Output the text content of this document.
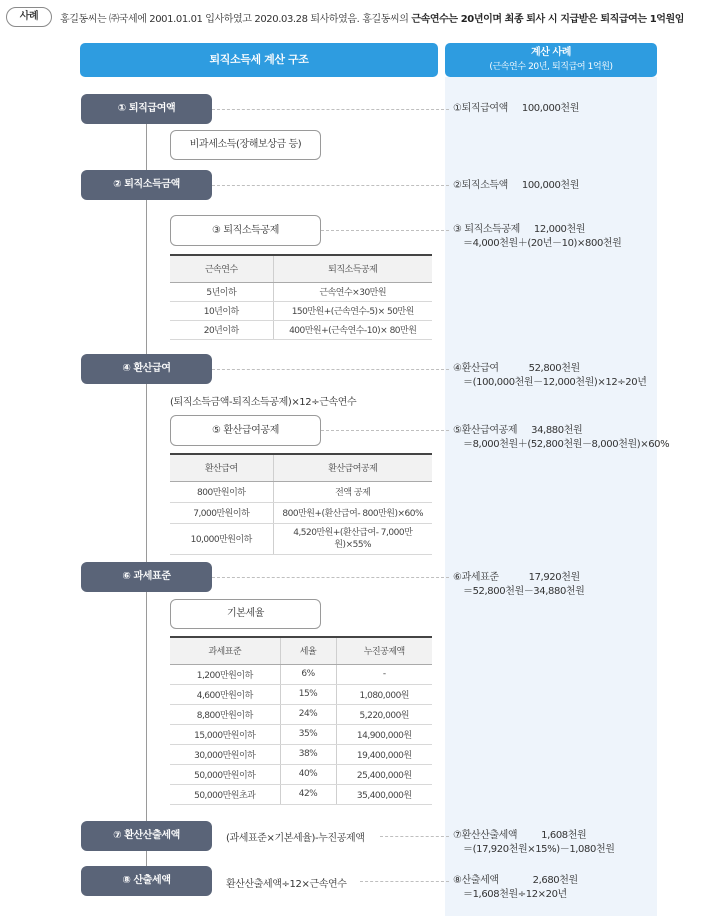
사례	홍길동씨는 ㈜국세에 2001.01.01 입사하였고 2020.03.28 퇴사하였음. 홍길동씨의 근속연수는 20년이며 최종 퇴사 시 지급받은 퇴직급여는 1억원임
퇴직소득세 계산 구조
계산 사례
(근속연수 20년, 퇴직급여 1억원)
① 퇴직급여액
비과세소득(장해보상금 등)
② 퇴직소득금액
③ 퇴직소득공제
근속연수	퇴직소득공제
5년이하	근속연수×30만원
10년이하	150만원+(근속연수-5)× 50만원
20년이하	400만원+(근속연수-10)× 80만원
④ 환산급여
(퇴직소득금액-퇴직소득공제)×12÷근속연수
⑤ 환산급여공제
환산급여	환산급여공제
800만원이하	전액 공제
7,000만원이하	800만원+(환산급여- 800만원)×60%
10,000만원이하	4,520만원+(환산급여- 7,000만원)×55%
⑥ 과세표준
기본세율
과세표준	세율	누진공제액
1,200만원이하	6%	-
4,600만원이하	15%	1,080,000원
8,800만원이하	24%	5,220,000원
15,000만원이하	35%	14,900,000원
30,000만원이하	38%	19,400,000원
50,000만원이하	40%	25,400,000원
50,000만원초과	42%	35,400,000원
⑦ 환산산출세액	(과세표준×기본세율)-누진공제액
⑧ 산출세액	환산산출세액÷12×근속연수
①퇴직급여액 100,000천원
②퇴직소득액 100,000천원
③ 퇴직소득공제 12,000천원
＝4,000천원＋(20년－10)×800천원
④환산급여	52,800천원
＝(100,000천원－12,000천원)×12÷20년
⑤환산급여공제 34,880천원
＝8,000천원＋(52,800천원－8,000천원)×60%
⑥과세표준	17,920천원
＝52,800천원－34,880천원
⑦환산산출세액 1,608천원
＝(17,920천원×15%)－1,080천원
⑧산출세액	2,680천원
＝1,608천원÷12×20년
